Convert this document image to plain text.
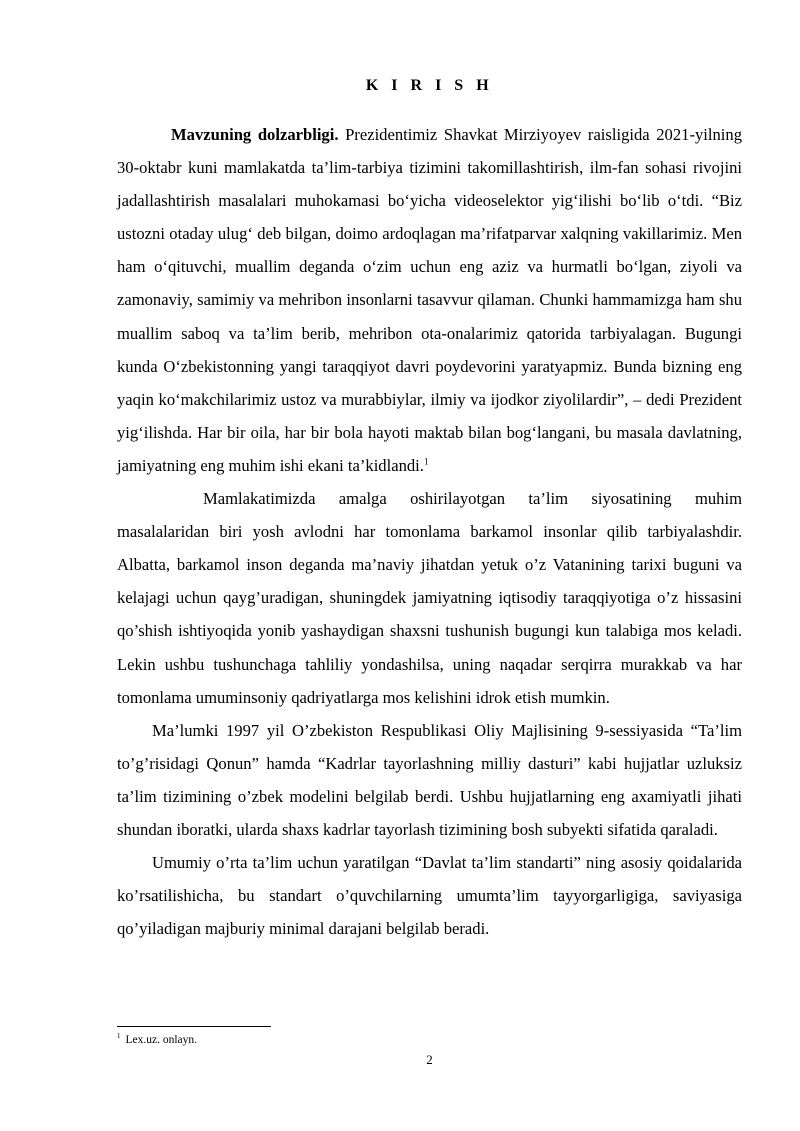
K I R I S H

Mavzuning dolzarbligi. Prezidentimiz Shavkat Mirziyoyev raisligida 2021-yilning 30-oktabr kuni mamlakatda ta’lim-tarbiya tizimini takomillashtirish, ilm-fan sohasi rivojini jadallashtirish masalalari muhokamasi bo‘yicha videoselektor yig‘ilishi bo‘lib o‘tdi. “Biz ustozni otaday ulug‘ deb bilgan, doimo ardoqlagan ma’rifatparvar xalqning vakillarimiz. Men ham o‘qituvchi, muallim deganda o‘zim uchun eng aziz va hurmatli bo‘lgan, ziyoli va zamonaviy, samimiy va mehribon insonlarni tasavvur qilaman. Chunki hammamizga ham shu muallim saboq va ta’lim berib, mehribon ota-onalarimiz qatorida tarbiyalagan. Bugungi kunda O‘zbekistonning yangi taraqqiyot davri poydevorini yaratyapmiz. Bunda bizning eng yaqin ko‘makchilarimiz ustoz va murabbiylar, ilmiy va ijodkor ziyolilardir”, – dedi Prezident yig‘ilishda. Har bir oila, har bir bola hayoti maktab bilan bog‘langani, bu masala davlatning, jamiyatning eng muhim ishi ekani ta’kidlandi.$^1$

Mamlakatimizda amalga oshirilayotgan ta’lim siyosatining muhim masalalaridan biri yosh avlodni har tomonlama barkamol insonlar qilib tarbiyalashdir. Albatta, barkamol inson deganda ma’naviy jihatdan yetuk o’z Vatanining tarixi buguni va kelajagi uchun qayg’uradigan, shuningdek jamiyatning iqtisodiy taraqqiyotiga o’z hissasini qo’shish ishtiyoqida yonib yashaydigan shaxsni tushunish bugungi kun talabiga mos keladi. Lekin ushbu tushunchaga tahliliy yondashilsa, uning naqadar serqirra murakkab va har tomonlama umuminsoniy qadriyatlarga mos kelishini idrok etish mumkin.

Ma’lumki 1997 yil O’zbekiston Respublikasi Oliy Majlisining 9-sessiyasida “Ta’lim to’g’risidagi Qonun” hamda “Kadrlar tayorlashning milliy dasturi” kabi hujjatlar uzluksiz ta’lim tizimining o’zbek modelini belgilab berdi. Ushbu hujjatlarning eng axamiyatli jihati shundan iboratki, ularda shaxs kadrlar tayorlash tizimining bosh subyekti sifatida qaraladi.

Umumiy o’rta ta’lim uchun yaratilgan “Davlat ta’lim standarti” ning asosiy qoidalarida ko’rsatilishicha, bu standart o’quvchilarning umumta’lim tayyorgarligiga, saviyasiga qo’yiladigan majburiy minimal darajani belgilab beradi.

$^1$ Lex.uz. onlayn.
2
